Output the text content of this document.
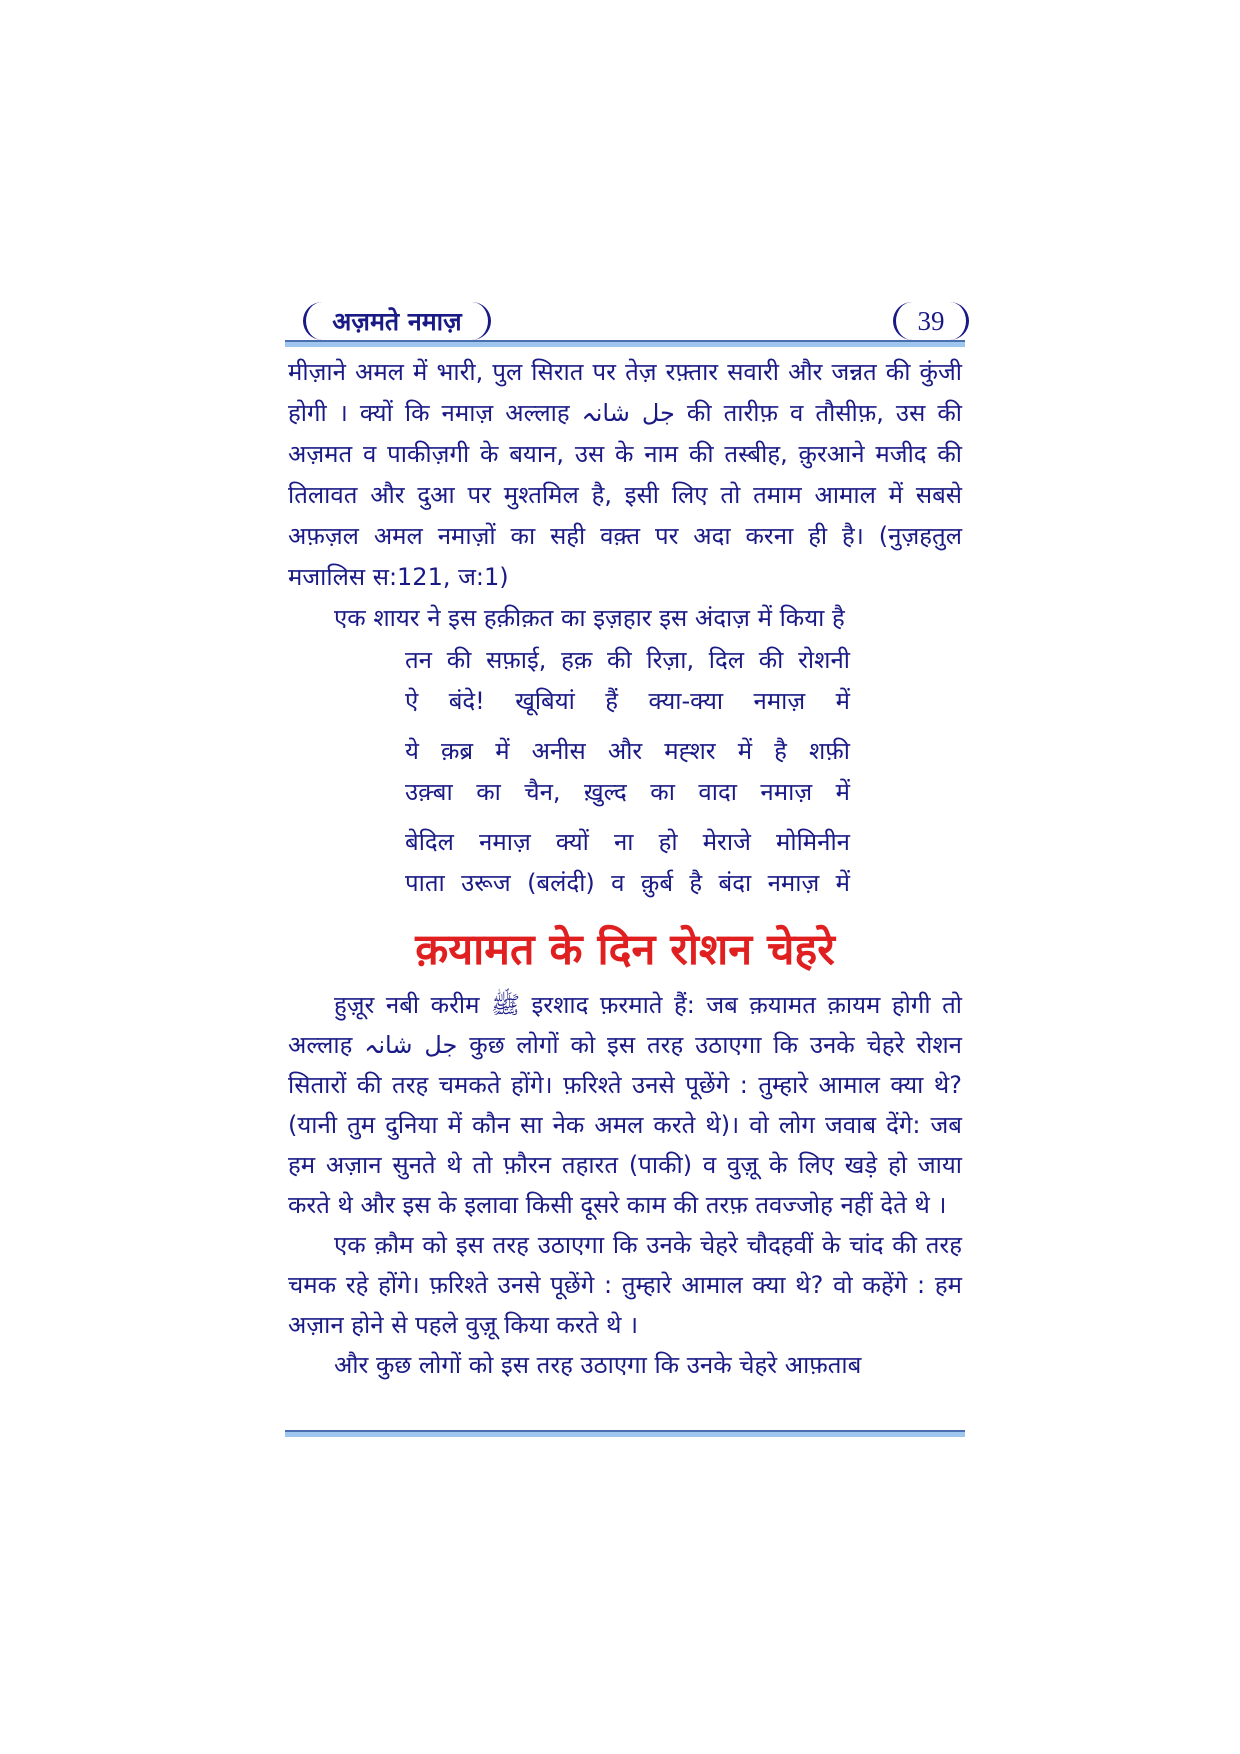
अज़मते नमाज़	39

मीज़ाने अमल में भारी, पुल सिरात पर तेज़ रफ़्तार सवारी और जन्नत की कुंजी होगी । क्यों कि नमाज़ अल्लाह جل شانہ की तारीफ़ व तौसीफ़, उस की अज़मत व पाकीज़गी के बयान, उस के नाम की तस्बीह, क़ुरआने मजीद की तिलावत और दुआ पर मुश्तमिल है, इसी लिए तो तमाम आमाल में सबसे अफ़ज़ल अमल नमाज़ों का सही वक़्त पर अदा करना ही है। (नुज़हतुल मजालिस स:121, ज:1)

एक शायर ने इस हक़ीक़त का इज़हार इस अंदाज़ में किया है

तन की सफ़ाई, हक़ की रिज़ा, दिल की रोशनी
ऐ बंदे! खूबियां हैं क्या-क्या नमाज़ में
ये क़ब्र में अनीस और मह्शर में है शफ़ी
उक़्बा का चैन, ख़ुल्द का वादा नमाज़ में
बेदिल नमाज़ क्यों ना हो मेराजे मोमिनीन
पाता उरूज (बलंदी) व क़ुर्ब है बंदा नमाज़ में
क़यामत के दिन रोशन चेहरे

हुज़ूर नबी करीम ﷺ इरशाद फ़रमाते हैं: जब क़यामत क़ायम होगी तो अल्लाह جل شانہ कुछ लोगों को इस तरह उठाएगा कि उनके चेहरे रोशन सितारों की तरह चमकते होंगे। फ़रिश्ते उनसे पूछेंगे : तुम्हारे आमाल क्या थे? (यानी तुम दुनिया में कौन सा नेक अमल करते थे)। वो लोग जवाब देंगे: जब हम अज़ान सुनते थे तो फ़ौरन तहारत (पाकी) व वुज़ू के लिए खड़े हो जाया करते थे और इस के इलावा किसी दूसरे काम की तरफ़ तवज्जोह नहीं देते थे ।

एक क़ौम को इस तरह उठाएगा कि उनके चेहरे चौदहवीं के चांद की तरह चमक रहे होंगे। फ़रिश्ते उनसे पूछेंगे : तुम्हारे आमाल क्या थे? वो कहेंगे : हम अज़ान होने से पहले वुज़ू किया करते थे ।

और कुछ लोगों को इस तरह उठाएगा कि उनके चेहरे आफ़ताब
